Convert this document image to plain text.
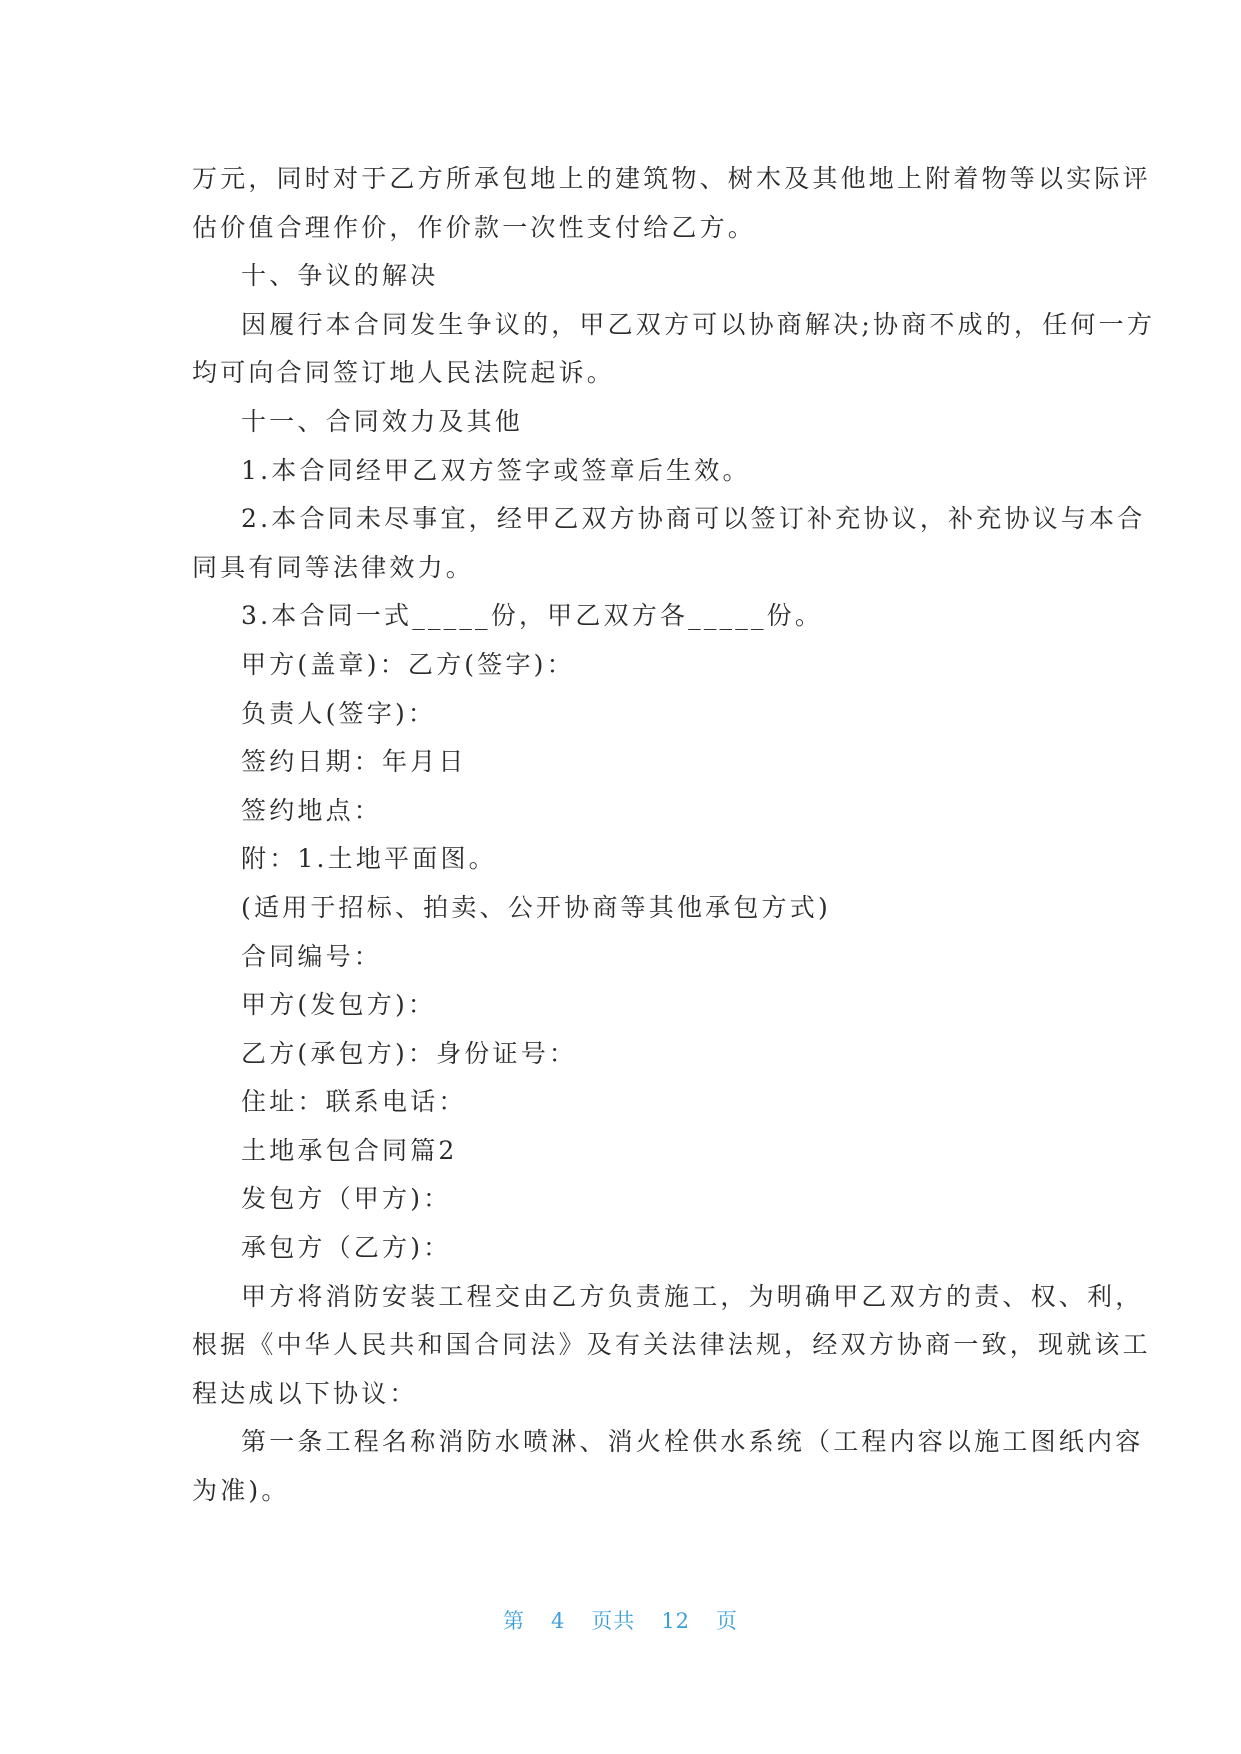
万元，同时对于乙方所承包地上的建筑物、树木及其他地上附着物等以实际评
估价值合理作价，作价款一次性支付给乙方。
十、争议的解决
因履行本合同发生争议的，甲乙双方可以协商解决;协商不成的，任何一方
均可向合同签订地人民法院起诉。
十一、合同效力及其他
1.本合同经甲乙双方签字或签章后生效。
2.本合同未尽事宜，经甲乙双方协商可以签订补充协议，补充协议与本合
同具有同等法律效力。
3.本合同一式_____份，甲乙双方各_____份。
甲方(盖章)：乙方(签字)：
负责人(签字)：
签约日期：年月日
签约地点：
附：1.土地平面图。
(适用于招标、拍卖、公开协商等其他承包方式)
合同编号：
甲方(发包方)：
乙方(承包方)：身份证号：
住址：联系电话：
土地承包合同篇2
发包方（甲方)：
承包方（乙方)：
甲方将消防安装工程交由乙方负责施工，为明确甲乙双方的责、权、利，
根据《中华人民共和国合同法》及有关法律法规，经双方协商一致，现就该工
程达成以下协议：
第一条工程名称消防水喷淋、消火栓供水系统（工程内容以施工图纸内容
为准)。
第 4 页共 12 页
